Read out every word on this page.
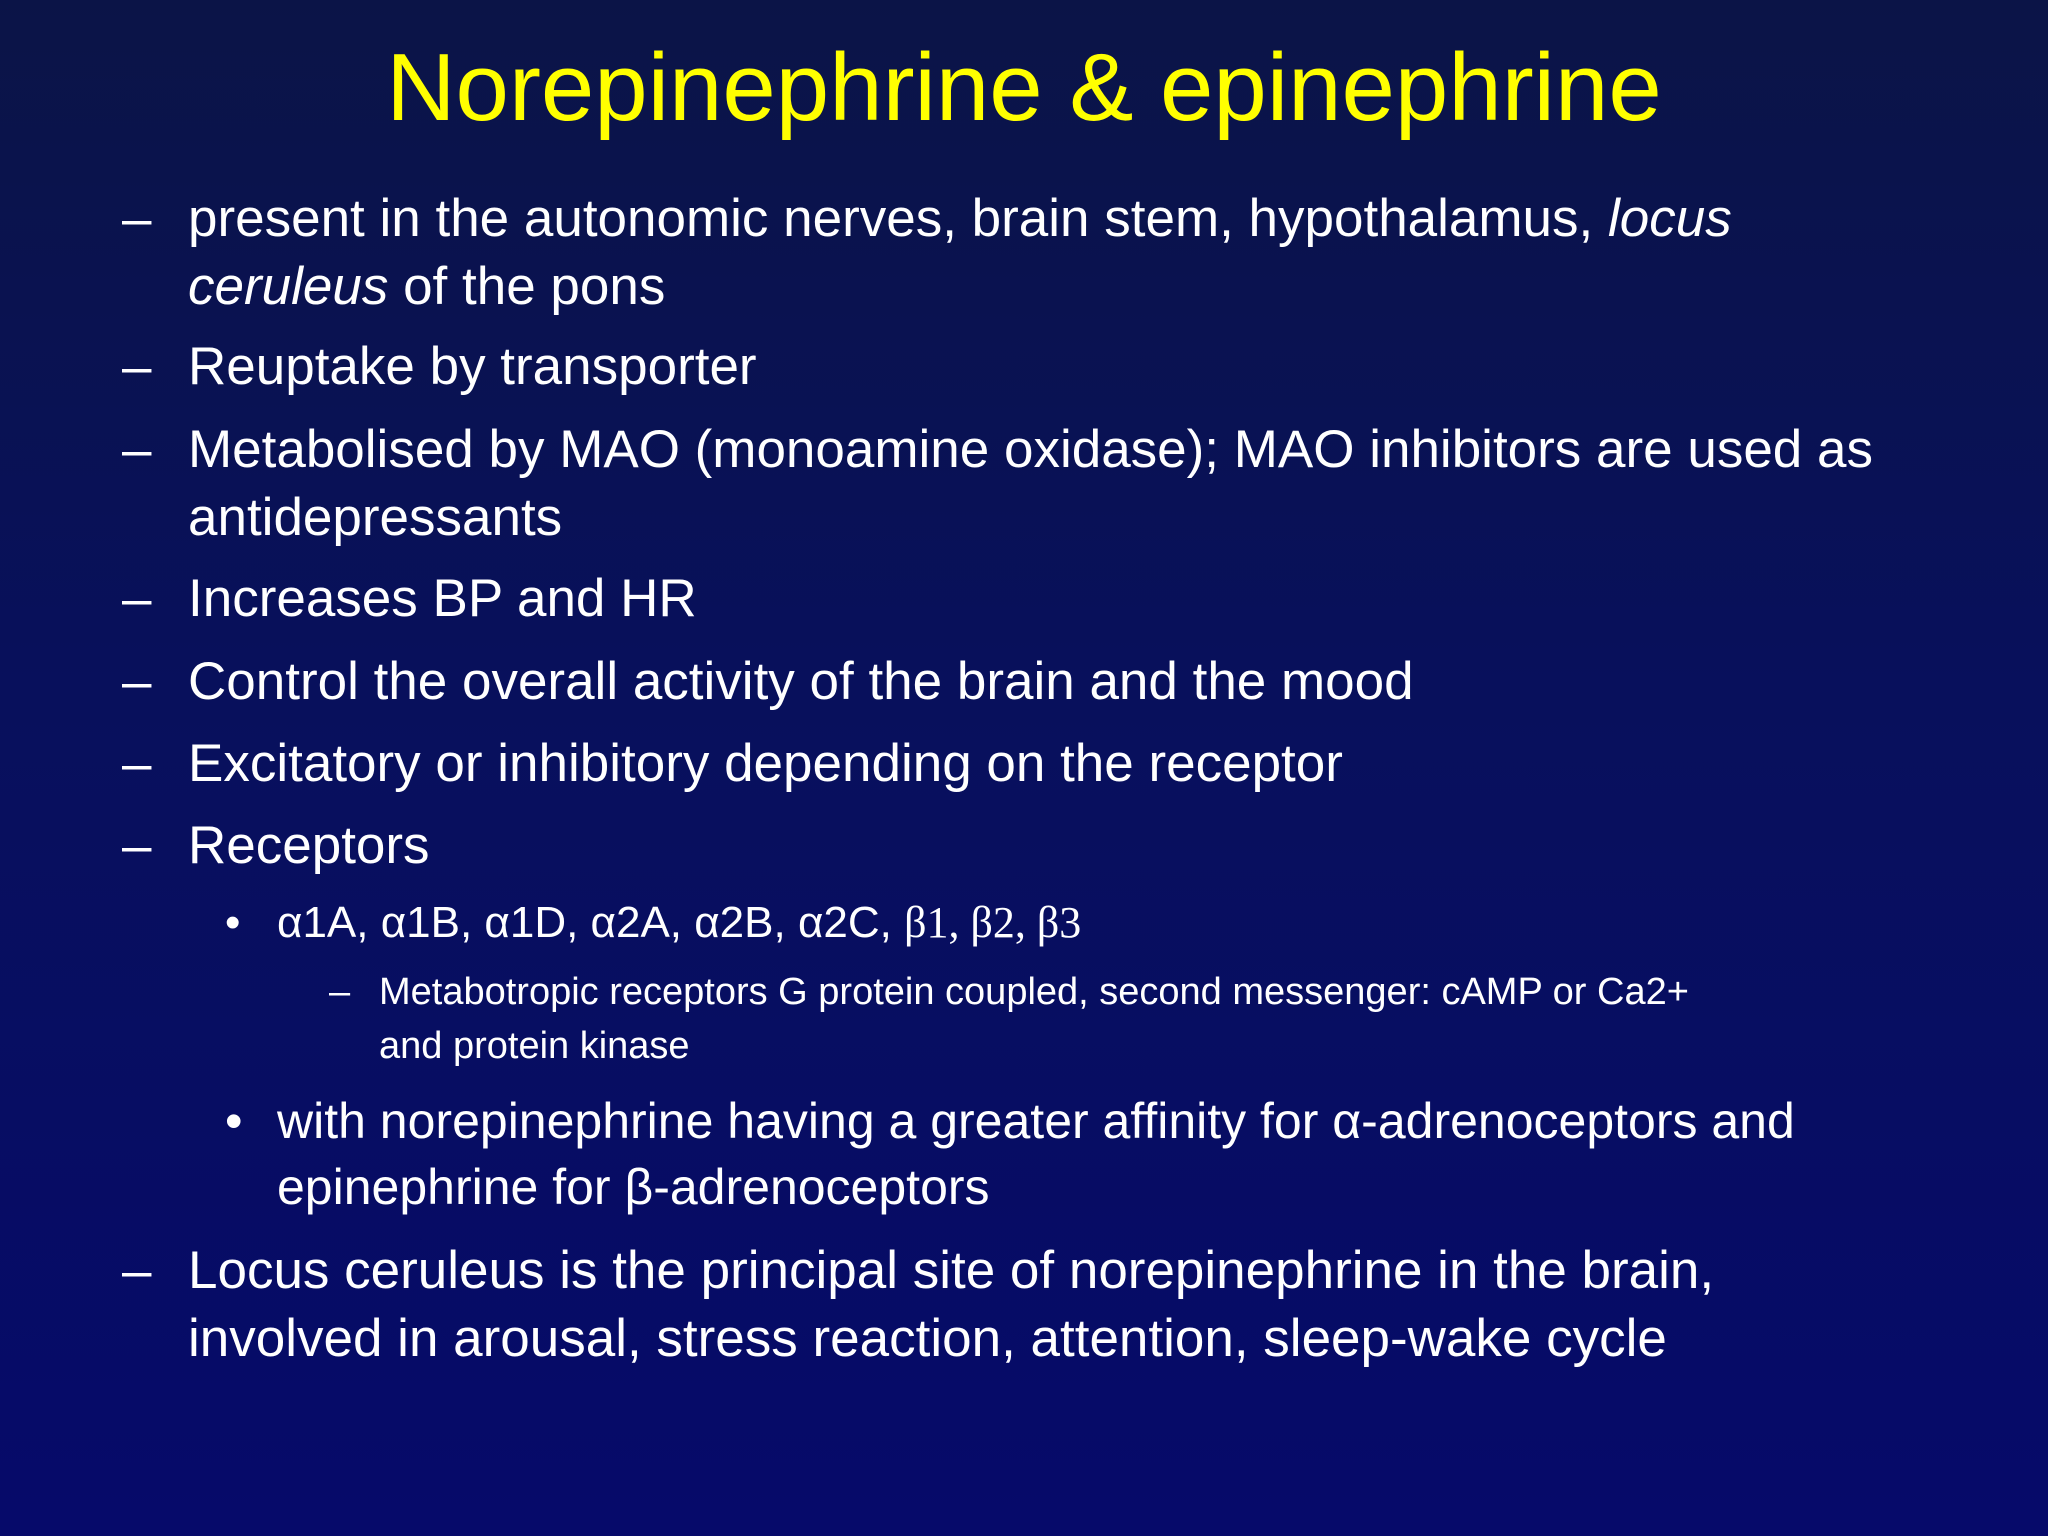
Norepinephrine & epinephrine
– present in the autonomic nerves, brain stem, hypothalamus, locus
ceruleus of the pons
– Reuptake by transporter
– Metabolised by MAO (monoamine oxidase); MAO inhibitors are used as
antidepressants
– Increases BP and HR
– Control the overall activity of the brain and the mood
– Excitatory or inhibitory depending on the receptor
– Receptors
• α1A, α1B, α1D, α2A, α2B, α2C, β1, β2, β3
– Metabotropic receptors G protein coupled, second messenger: cAMP or Ca2+
and protein kinase
• with norepinephrine having a greater affinity for α-adrenoceptors and
epinephrine for β-adrenoceptors
– Locus ceruleus is the principal site of norepinephrine in the brain,
involved in arousal, stress reaction, attention, sleep-wake cycle
